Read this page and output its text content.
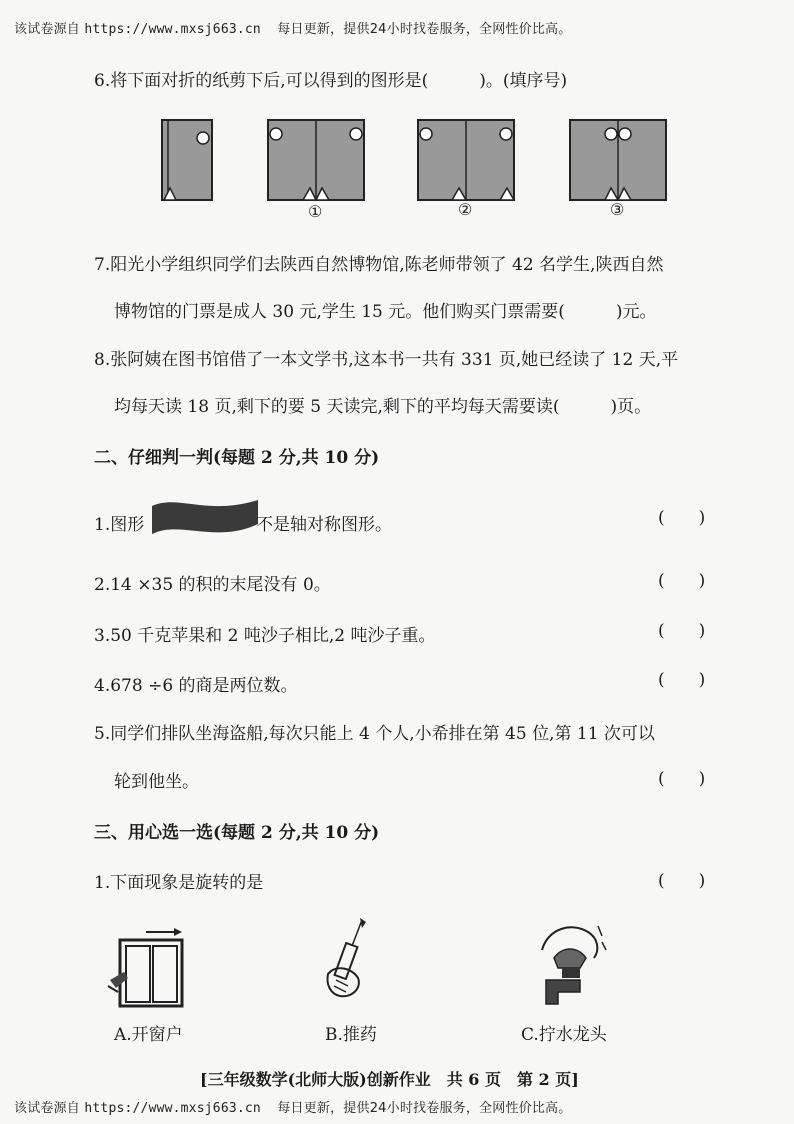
该试卷源自 https://www.mxsj663.cn 每日更新，提供24小时找卷服务，全网性价比高。
6.将下面对折的纸剪下后,可以得到的图形是(　　　)。(填序号)
①	②	③
7.阳光小学组织同学们去陕西自然博物馆,陈老师带领了 42 名学生,陕西自然
博物馆的门票是成人 30 元,学生 15 元。他们购买门票需要(　　　)元。
8.张阿姨在图书馆借了一本文学书,这本书一共有 331 页,她已经读了 12 天,平
均每天读 18 页,剩下的要 5 天读完,剩下的平均每天需要读(　　　)页。
二、仔细判一判(每题 2 分,共 10 分)
1.图形	不是轴对称图形。	(　　)
2.14 ×35 的积的末尾没有 0。	(　　)
3.50 千克苹果和 2 吨沙子相比,2 吨沙子重。	(　　)
4.678 ÷6 的商是两位数。	(　　)
5.同学们排队坐海盗船,每次只能上 4 个人,小希排在第 45 位,第 11 次可以
轮到他坐。	(　　)
三、用心选一选(每题 2 分,共 10 分)
1.下面现象是旋转的是	(　　)
A.开窗户	B.推药	C.拧水龙头
[三年级数学(北师大版)创新作业　共 6 页　第 2 页]
该试卷源自 https://www.mxsj663.cn 每日更新，提供24小时找卷服务，全网性价比高。
